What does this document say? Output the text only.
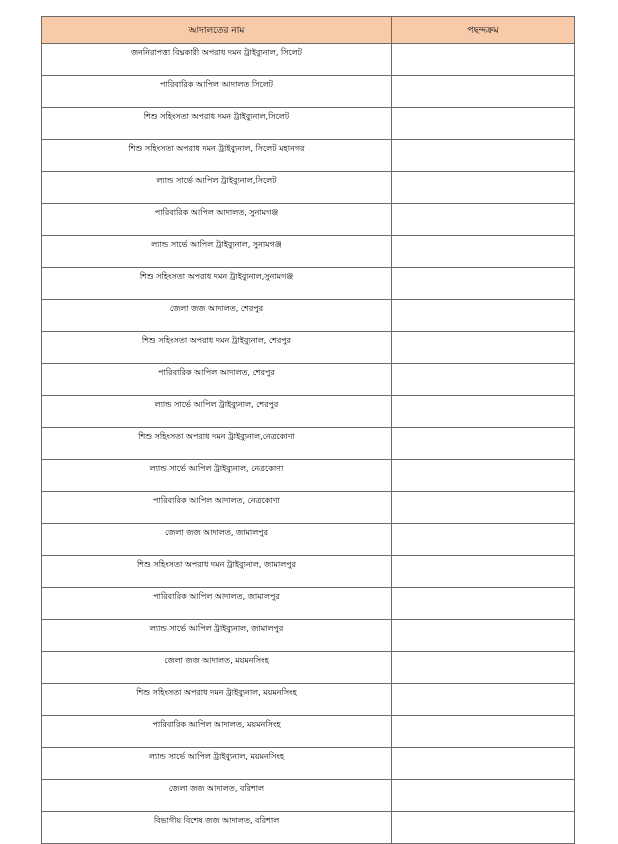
আদালতের নাম	পছন্দক্রম
জননিরাপত্তা বিঘ্নকারী অপরাধ দমন ট্রাইব্যুনাল, সিলেট	
পারিবারিক আপিল আদালত সিলেট	
শিশু সহিংসতা অপরাধ দমন ট্রাইব্যুনাল,সিলেট	
শিশু সহিংসতা অপরাধ দমন ট্রাইব্যুনাল, সিলেট মহানগর	
ল্যান্ড সার্ভে আপিল ট্রাইব্যুনাল,সিলেট	
পারিবারিক আপিল আদালত, সুনামগঞ্জ	
ল্যান্ড সার্ভে আপিল ট্রাইব্যুনাল, সুনামগঞ্জ	
শিশু সহিংসতা অপরাধ দমন ট্রাইব্যুনাল,সুনামগঞ্জ	
জেলা জজ আদালত, শেরপুর	
শিশু সহিংসতা অপরাধ দমন ট্রাইব্যুনাল, শেরপুর	
পারিবারিক আপিল আদালত, শেরপুর	
ল্যান্ড সার্ভে আপিল ট্রাইব্যুনাল, শেরপুর	
শিশু সহিংসতা অপরাধ দমন ট্রাইব্যুনাল,নেত্রকোণা	
ল্যান্ড সার্ভে আপিল ট্রাইব্যুনাল, নেত্রকোণা	
পারিবারিক আপিল আদালত, নেত্রকোণা	
জেলা জজ আদালত, জামালপুর	
শিশু সহিংসতা অপরাধ দমন ট্রাইব্যুনাল, জামালপুর	
পারিবারিক আপিল আদালত, জামালপুর	
ল্যান্ড সার্ভে আপিল ট্রাইব্যুনাল, জামালপুর	
জেলা জজ আদালত, ময়মনসিংহ	
শিশু সহিংসতা অপরাধ দমন ট্রাইব্যুনাল, ময়মনসিংহ	
পারিবারিক আপিল আদালত, ময়মনসিংহ	
ল্যান্ড সার্ভে আপিল ট্রাইব্যুনাল, ময়মনসিংহ	
জেলা জজ আদালত, বরিশাল	
বিভাগীয় বিশেষ জজ আদালত, বরিশাল	
